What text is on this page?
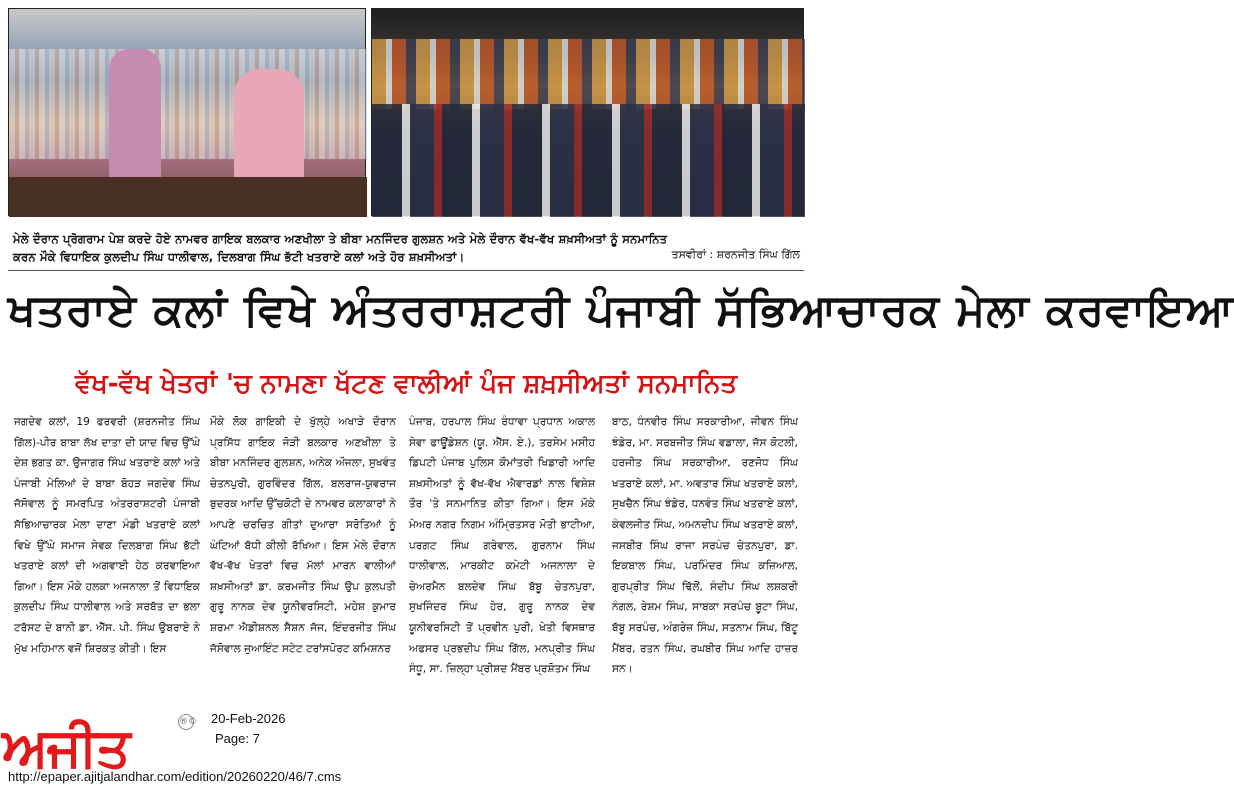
ਮੇਲੇ ਦੌਰਾਨ ਪ੍ਰੋਗਰਾਮ ਪੇਸ਼ ਕਰਦੇ ਹੋਏ ਨਾਮਵਰ ਗਾਇਕ ਬਲਕਾਰ ਅਣਖੀਲਾ ਤੇ ਬੀਬਾ ਮਨਜਿੰਦਰ ਗੁਲਸ਼ਨ ਅਤੇ ਮੇਲੇ ਦੌਰਾਨ ਵੱਖ-ਵੱਖ ਸ਼ਖ਼ਸੀਅਤਾਂ ਨੂੰ ਸਨਮਾਨਿਤ
ਕਰਨ ਮੌਕੇ ਵਿਧਾਇਕ ਕੁਲਦੀਪ ਸਿੰਘ ਧਾਲੀਵਾਲ, ਦਿਲਬਾਗ ਸਿੰਘ ਭੱਟੀ ਖਤਰਾਏ ਕਲਾਂ ਅਤੇ ਹੋਰ ਸ਼ਖ਼ਸੀਅਤਾਂ।	ਤਸਵੀਰਾਂ : ਸ਼ਰਨਜੀਤ ਸਿੰਘ ਗਿੱਲ
ਖਤਰਾਏ ਕਲਾਂ ਵਿਖੇ ਅੰਤਰਰਾਸ਼ਟਰੀ ਪੰਜਾਬੀ ਸੱਭਿਆਚਾਰਕ ਮੇਲਾ ਕਰਵਾਇਆ
ਵੱਖ-ਵੱਖ ਖੇਤਰਾਂ 'ਚ ਨਾਮਣਾ ਖੱਟਣ ਵਾਲੀਆਂ ਪੰਜ ਸ਼ਖ਼ਸੀਅਤਾਂ ਸਨਮਾਨਿਤ
ਜਗਦੇਵ ਕਲਾਂ, 19 ਫਰਵਰੀ (ਸ਼ਰਨਜੀਤ ਸਿੰਘ ਗਿੱਲ)-ਪੀਰ ਬਾਬਾ ਲੱਖ ਦਾਤਾ ਦੀ ਯਾਦ ਵਿਚ ਉੱਘੇ ਦੇਸ਼ ਭਗਤ ਕਾ. ਉਜਾਗਰ ਸਿੰਘ ਖਤਰਾਏ ਕਲਾਂ ਅਤੇ ਪੰਜਾਬੀ ਮੇਲਿਆਂ ਦੇ ਬਾਬਾ ਬੋਹੜ ਜਗਦੇਵ ਸਿੰਘ ਜੱਸੋਵਾਲ ਨੂੰ ਸਮਰਪਿਤ ਅੰਤਰਰਾਸ਼ਟਰੀ ਪੰਜਾਬੀ ਸੱਭਿਆਚਾਰਕ ਮੇਲਾ ਦਾਣਾ ਮੰਡੀ ਖਤਰਾਏ ਕਲਾਂ ਵਿਖੇ ਉੱਘੇ ਸਮਾਜ ਸੇਵਕ ਦਿਲਬਾਗ ਸਿੰਘ ਭੱਟੀ ਖਤਰਾਏ ਕਲਾਂ ਦੀ ਅਗਵਾਈ ਹੇਠ ਕਰਵਾਇਆ ਗਿਆ। ਇਸ ਮੌਕੇ ਹਲਕਾ ਅਜਨਾਲਾ ਤੋਂ ਵਿਧਾਇਕ ਕੁਲਦੀਪ ਸਿੰਘ ਧਾਲੀਵਾਲ ਅਤੇ ਸਰਬੱਤ ਦਾ ਭਲਾ ਟਰੱਸਟ ਦੇ ਬਾਨੀ ਡਾ. ਐੱਸ. ਪੀ. ਸਿੰਘ ਉਬਰਾਏ ਨੇ ਮੁੱਖ ਮਹਿਮਾਨ ਵਜੋਂ ਸ਼ਿਰਕਤ ਕੀਤੀ। ਇਸ
ਮੌਕੇ ਲੋਕ ਗਾਇਕੀ ਦੇ ਖੁੱਲ੍ਹੇ ਅਖਾੜੇ ਦੌਰਾਨ ਪ੍ਰਸਿੱਧ ਗਾਇਕ ਜੋੜੀ ਬਲਕਾਰ ਅਣਖੀਲਾ ਤੇ ਬੀਬਾ ਮਨਜਿੰਦਰ ਗੁਲਸ਼ਨ, ਅਨੇਕ ਔਜਲਾ, ਸੁਖਵੰਤ ਚੇਤਨਪੁਰੀ, ਗੁਰਵਿੰਦਰ ਗਿੱਲ, ਬਲਰਾਜ-ਯੁਵਰਾਜ ਬੁਦਰਕ ਆਦਿ ਉੱਚਕੋਟੀ ਦੇ ਨਾਮਵਰ ਕਲਾਕਾਰਾਂ ਨੇ ਆਪਣੇ ਚਰਚਿਤ ਗੀਤਾਂ ਦੁਆਰਾ ਸਰੋਤਿਆਂ ਨੂੰ ਘੰਟਿਆਂ ਬੱਧੀ ਕੀਲੀ ਰੱਖਿਆ। ਇਸ ਮੇਲੇ ਦੌਰਾਨ ਵੱਖ-ਵੱਖ ਖੇਤਰਾਂ ਵਿਚ ਮੱਲਾਂ ਮਾਰਨ ਵਾਲੀਆਂ ਸ਼ਖ਼ਸੀਅਤਾਂ ਡਾ. ਕਰਮਜੀਤ ਸਿੰਘ ਉਪ ਕੁਲਪਤੀ ਗੁਰੂ ਨਾਨਕ ਦੇਵ ਯੂਨੀਵਰਸਿਟੀ, ਮਹੇਸ਼ ਕੁਮਾਰ ਸ਼ਰਮਾ ਐਡੀਸ਼ਨਲ ਸੈਸ਼ਨ ਜੱਜ, ਇੰਦਰਜੀਤ ਸਿੰਘ ਜੱਸੋਵਾਲ ਜੁਆਇੰਟ ਸਟੇਟ ਟਰਾਂਸਪੋਰਟ ਕਮਿਸ਼ਨਰ
ਪੰਜਾਬ, ਹਰਪਾਲ ਸਿੰਘ ਰੰਧਾਵਾ ਪ੍ਰਧਾਨ ਅਕਾਲ ਸੇਵਾ ਫਾਊਂਡੇਸ਼ਨ (ਯੂ. ਐੱਸ. ਏ.), ਤਰਸੇਮ ਮਸੀਹ ਡਿਪਟੀ ਪੰਜਾਬ ਪੁਲਿਸ ਕੌਮਾਂਤਰੀ ਖਿਡਾਰੀ ਆਦਿ ਸ਼ਖ਼ਸੀਅਤਾਂ ਨੂੰ ਵੱਖ-ਵੱਖ ਐਵਾਰਡਾਂ ਨਾਲ ਵਿਸ਼ੇਸ਼ ਤੌਰ 'ਤੇ ਸਨਮਾਨਿਤ ਕੀਤਾ ਗਿਆ। ਇਸ ਮੌਕੇ ਮੇਅਰ ਨਗਰ ਨਿਗਮ ਅੰਮ੍ਰਿਤਸਰ ਮੋਤੀ ਭਾਟੀਆ, ਪਰਗਟ ਸਿੰਘ ਗਰੇਵਾਲ, ਗੁਰਨਾਮ ਸਿੰਘ ਧਾਲੀਵਾਲ, ਮਾਰਕੀਟ ਕਮੇਟੀ ਅਜਨਾਲਾ ਦੇ ਚੇਅਰਮੈਨ ਬਲਦੇਵ ਸਿੰਘ ਬੱਬੂ ਚੇਤਨਪੁਰਾ, ਸੁਖਜਿੰਦਰ ਸਿੰਘ ਹੇਰ, ਗੁਰੂ ਨਾਨਕ ਦੇਵ ਯੂਨੀਵਰਸਿਟੀ ਤੋਂ ਪ੍ਰਵੀਨ ਪੁਰੀ, ਖੇਤੀ ਵਿਸਥਾਰ ਅਫਸਰ ਪ੍ਰਭਦੀਪ ਸਿੰਘ ਗਿੱਲ, ਮਨਪ੍ਰੀਤ ਸਿੰਘ ਸੰਧੂ, ਸਾ. ਜ਼ਿਲ੍ਹਾ ਪ੍ਰੀਸ਼ਦ ਮੈਂਬਰ ਪ੍ਰਸ਼ੋਤਮ ਸਿੰਘ
ਬਾਠ, ਧੰਨਵੀਰ ਸਿੰਘ ਸਰਕਾਰੀਆ, ਜੀਵਨ ਸਿੰਘ ਝੰਡੇਰ, ਮਾ. ਸਰਬਜੀਤ ਸਿੰਘ ਵਡਾਲਾ, ਜੱਸ ਕੋਟਲੀ, ਹਰਜੀਤ ਸਿੰਘ ਸਰਕਾਰੀਆ, ਰਣਜੋਧ ਸਿੰਘ ਖਤਰਾਏ ਕਲਾਂ, ਮਾ. ਅਵਤਾਰ ਸਿੰਘ ਖਤਰਾਏ ਕਲਾਂ, ਸੁਖਚੈਨ ਸਿੰਘ ਝੰਡੇਰ, ਧਨਵੰਤ ਸਿੰਘ ਖਤਰਾਏ ਕਲਾਂ, ਕੰਵਲਜੀਤ ਸਿੰਘ, ਅਮਨਦੀਪ ਸਿੰਘ ਖਤਰਾਏ ਕਲਾਂ, ਜਸਬੀਰ ਸਿੰਘ ਰਾਜਾ ਸਰਪੰਚ ਚੇਤਨਪੁਰਾ, ਡਾ. ਇਕਬਾਲ ਸਿੰਘ, ਪਰਮਿੰਦਰ ਸਿੰਘ ਕਜ਼ਿਆਲ, ਗੁਰਪ੍ਰੀਤ ਸਿੰਘ ਢਿੱਲੋਂ, ਸੰਦੀਪ ਸਿੰਘ ਲਸ਼ਕਰੀ ਨੰਗਲ, ਰੇਸ਼ਮ ਸਿੰਘ, ਸਾਬਕਾ ਸਰਪੰਚ ਬੂਟਾ ਸਿੰਘ, ਬੱਬੂ ਸਰਪੰਚ, ਅੰਗਰੇਜ਼ ਸਿੰਘ, ਸਤਨਾਮ ਸਿੰਘ, ਬਿੱਟੂ ਮੈਂਬਰ, ਰਤਨ ਸਿੰਘ, ਰਘਬੀਰ ਸਿੰਘ ਆਦਿ ਹਾਜ਼ਰ ਸਨ।
ਅਜੀਤ	®© 20-Feb-2026
Page: 7
http://epaper.ajitjalandhar.com/edition/20260220/46/7.cms
